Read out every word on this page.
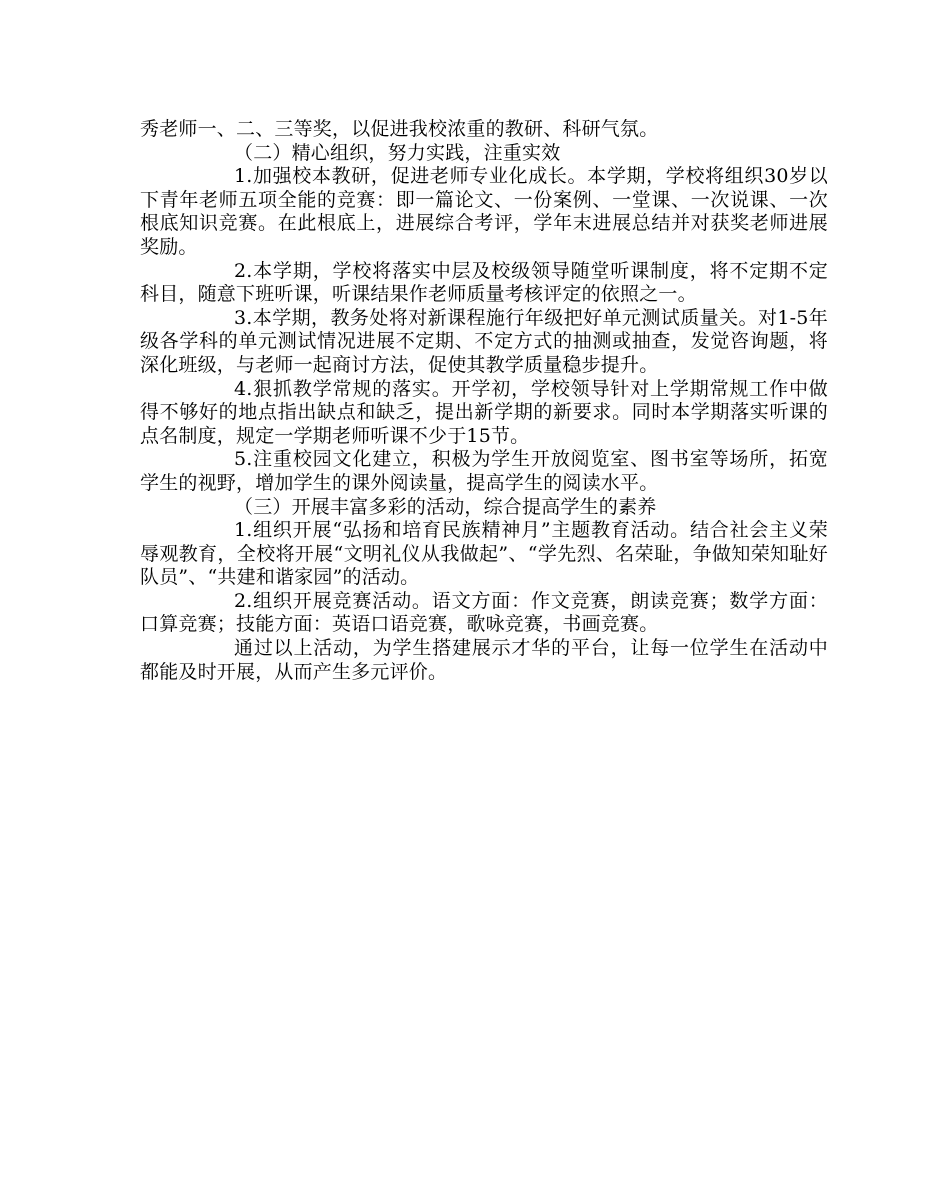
秀老师一、二、三等奖，以促进我校浓重的教研、科研气氛。

（二）精心组织，努力实践，注重实效

1.加强校本教研，促进老师专业化成长。本学期，学校将组织30岁以下青年老师五项全能的竞赛：即一篇论文、一份案例、一堂课、一次说课、一次根底知识竞赛。在此根底上，进展综合考评，学年末进展总结并对获奖老师进展奖励。

2.本学期，学校将落实中层及校级领导随堂听课制度，将不定期不定科目，随意下班听课，听课结果作老师质量考核评定的依照之一。

3.本学期，教务处将对新课程施行年级把好单元测试质量关。对1-5年级各学科的单元测试情况进展不定期、不定方式的抽测或抽查，发觉咨询题，将深化班级，与老师一起商讨方法，促使其教学质量稳步提升。

4.狠抓教学常规的落实。开学初，学校领导针对上学期常规工作中做得不够好的地点指出缺点和缺乏，提出新学期的新要求。同时本学期落实听课的点名制度，规定一学期老师听课不少于15节。

5.注重校园文化建立，积极为学生开放阅览室、图书室等场所，拓宽学生的视野，增加学生的课外阅读量，提高学生的阅读水平。

（三）开展丰富多彩的活动，综合提高学生的素养

1.组织开展“弘扬和培育民族精神月”主题教育活动。结合社会主义荣辱观教育，全校将开展“文明礼仪从我做起”、“学先烈、名荣耻，争做知荣知耻好队员”、“共建和谐家园”的活动。

2.组织开展竞赛活动。语文方面：作文竞赛，朗读竞赛；数学方面：口算竞赛；技能方面：英语口语竞赛，歌咏竞赛，书画竞赛。

通过以上活动，为学生搭建展示才华的平台，让每一位学生在活动中都能及时开展，从而产生多元评价。
